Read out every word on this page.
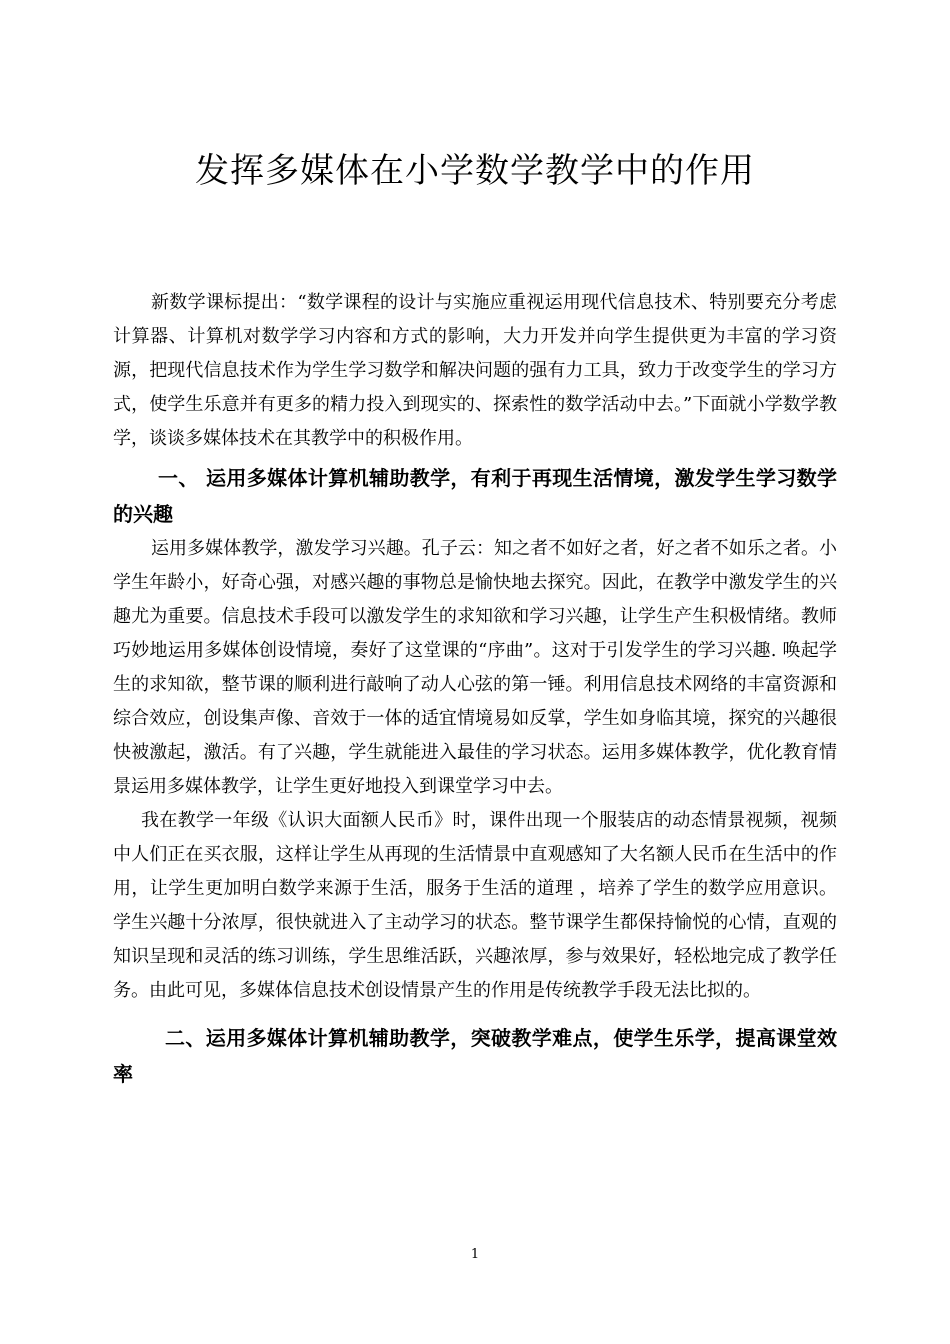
发挥多媒体在小学数学教学中的作用

新数学课标提出：“数学课程的设计与实施应重视运用现代信息技术、特别要充分考虑计算器、计算机对数学学习内容和方式的影响，大力开发并向学生提供更为丰富的学习资源，把现代信息技术作为学生学习数学和解决问题的强有力工具，致力于改变学生的学习方式，使学生乐意并有更多的精力投入到现实的、探索性的数学活动中去。”下面就小学数学教学，谈谈多媒体技术在其教学中的积极作用。

一、 运用多媒体计算机辅助教学，有利于再现生活情境，激发学生学习数学的兴趣

运用多媒体教学，激发学习兴趣。孔子云：知之者不如好之者，好之者不如乐之者。小学生年龄小，好奇心强，对感兴趣的事物总是愉快地去探究。因此，在教学中激发学生的兴趣尤为重要。信息技术手段可以激发学生的求知欲和学习兴趣，让学生产生积极情绪。教师巧妙地运用多媒体创设情境，奏好了这堂课的“序曲”。这对于引发学生的学习兴趣. 唤起学生的求知欲，整节课的顺利进行敲响了动人心弦的第一锤。利用信息技术网络的丰富资源和综合效应，创设集声像、音效于一体的适宜情境易如反掌，学生如身临其境，探究的兴趣很快被激起，激活。有了兴趣，学生就能进入最佳的学习状态。运用多媒体教学，优化教育情景运用多媒体教学，让学生更好地投入到课堂学习中去。

我在教学一年级《认识大面额人民币》时，课件出现一个服装店的动态情景视频，视频中人们正在买衣服，这样让学生从再现的生活情景中直观感知了大名额人民币在生活中的作用，让学生更加明白数学来源于生活，服务于生活的道理 ，培养了学生的数学应用意识。学生兴趣十分浓厚，很快就进入了主动学习的状态。整节课学生都保持愉悦的心情，直观的知识呈现和灵活的练习训练，学生思维活跃，兴趣浓厚，参与效果好，轻松地完成了教学任务。由此可见，多媒体信息技术创设情景产生的作用是传统教学手段无法比拟的。

二、运用多媒体计算机辅助教学，突破教学难点，使学生乐学，提高课堂效率

1
